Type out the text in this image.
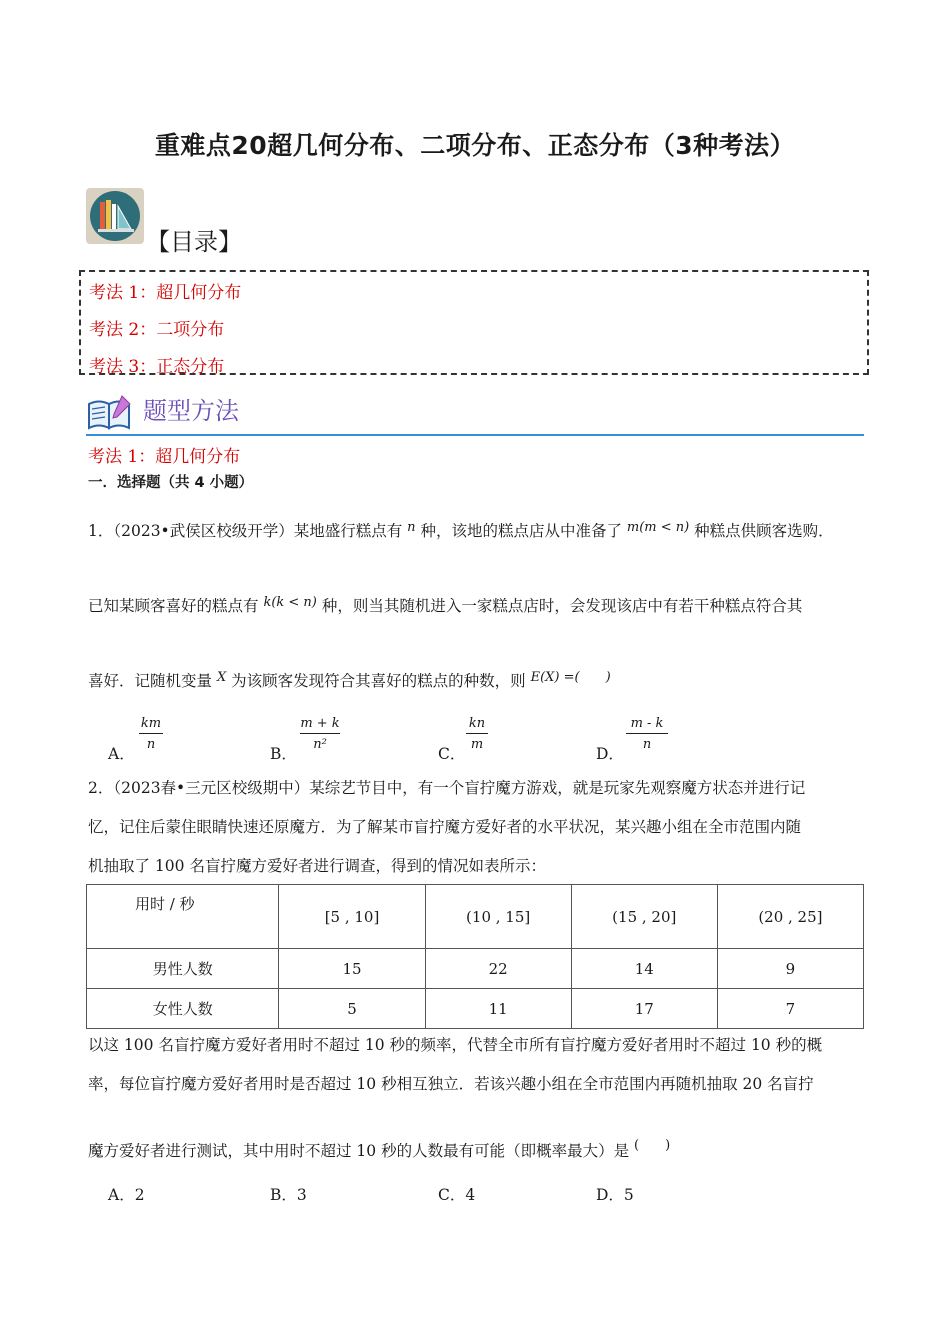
重难点20超几何分布、二项分布、正态分布（3种考法）
【目录】
考法 1：超几何分布
考法 2：二项分布
考法 3：正态分布
题型方法
考法 1：超几何分布
一．选择题（共 4 小题）
1．（2023•武侯区校级开学）某地盛行糕点有 $^n$ 种，该地的糕点店从中准备了 $^{m(m < n)}$ 种糕点供顾客选购．
已知某顾客喜好的糕点有 $^{k(k < n)}$ 种，则当其随机进入一家糕点店时，会发现该店中有若干种糕点符合其
喜好．记随机变量 $^X$ 为该顾客发现符合其喜好的糕点的种数，则 $^{E(X) =( )}$
A．
km
n
B．
m + k
n²
C．
kn
m
D．
m - k
n
2．（2023春•三元区校级期中）某综艺节目中，有一个盲拧魔方游戏，就是玩家先观察魔方状态并进行记
忆，记住后蒙住眼睛快速还原魔方．为了解某市盲拧魔方爱好者的水平状况，某兴趣小组在全市范围内随
机抽取了 100 名盲拧魔方爱好者进行调查，得到的情况如表所示：
用时 / 秒	[5 , 10]	(10 , 15]	(15 , 20]	(20 , 25]
男性人数	15	22	14	9
女性人数	5	11	17	7
以这 100 名盲拧魔方爱好者用时不超过 10 秒的频率，代替全市所有盲拧魔方爱好者用时不超过 10 秒的概
率，每位盲拧魔方爱好者用时是否超过 10 秒相互独立．若该兴趣小组在全市范围内再随机抽取 20 名盲拧
魔方爱好者进行测试，其中用时不超过 10 秒的人数最有可能（即概率最大）是 (　　)
A．2	B．3	C．4	D．5
